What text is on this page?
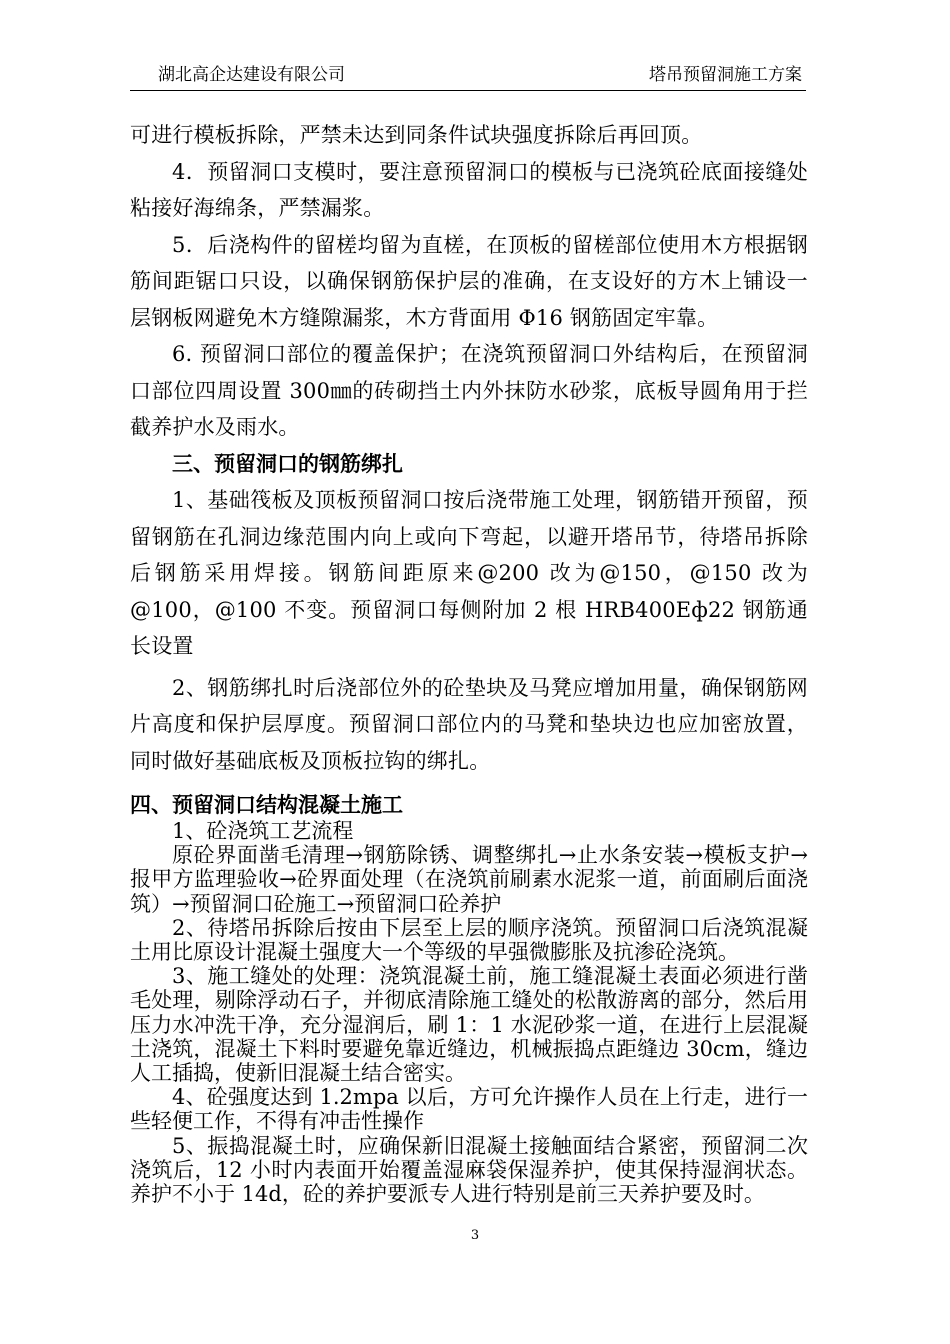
湖北高企达建设有限公司	塔吊预留洞施工方案

可进行模板拆除，严禁未达到同条件试块强度拆除后再回顶。

4．预留洞口支模时，要注意预留洞口的模板与已浇筑砼底面接缝处粘接好海绵条，严禁漏浆。

5．后浇构件的留槎均留为直槎，在顶板的留槎部位使用木方根据钢筋间距锯口只设，以确保钢筋保护层的准确，在支设好的方木上铺设一层钢板网避免木方缝隙漏浆，木方背面用 Φ16 钢筋固定牢靠。

6. 预留洞口部位的覆盖保护；在浇筑预留洞口外结构后，在预留洞口部位四周设置 300㎜的砖砌挡土内外抹防水砂浆，底板导圆角用于拦截养护水及雨水。

三、预留洞口的钢筋绑扎

1、基础筏板及顶板预留洞口按后浇带施工处理，钢筋错开预留，预留钢筋在孔洞边缘范围内向上或向下弯起，以避开塔吊节，待塔吊拆除后钢筋采用焊接。钢筋间距原来@200 改为@150，@150 改为@100，@100 不变。预留洞口每侧附加 2 根 HRB400Eф22 钢筋通长设置

2、钢筋绑扎时后浇部位外的砼垫块及马凳应增加用量，确保钢筋网片高度和保护层厚度。预留洞口部位内的马凳和垫块边也应加密放置，同时做好基础底板及顶板拉钩的绑扎。

四、预留洞口结构混凝土施工

1、砼浇筑工艺流程

原砼界面凿毛清理→钢筋除锈、调整绑扎→止水条安装→模板支护→报甲方监理验收→砼界面处理（在浇筑前刷素水泥浆一道，前面刷后面浇筑）→预留洞口砼施工→预留洞口砼养护

2、待塔吊拆除后按由下层至上层的顺序浇筑。预留洞口后浇筑混凝土用比原设计混凝土强度大一个等级的早强微膨胀及抗渗砼浇筑。

3、施工缝处的处理：浇筑混凝土前，施工缝混凝土表面必须进行凿毛处理，剔除浮动石子，并彻底清除施工缝处的松散游离的部分，然后用压力水冲洗干净，充分湿润后，刷 1：1 水泥砂浆一道，在进行上层混凝土浇筑，混凝土下料时要避免靠近缝边，机械振捣点距缝边 30cm，缝边人工插捣，使新旧混凝土结合密实。

4、砼强度达到 1.2mpa 以后，方可允许操作人员在上行走，进行一些轻便工作，不得有冲击性操作

5、振捣混凝土时，应确保新旧混凝土接触面结合紧密，预留洞二次浇筑后，12 小时内表面开始覆盖湿麻袋保湿养护，使其保持湿润状态。养护不小于 14d，砼的养护要派专人进行特别是前三天养护要及时。

3
